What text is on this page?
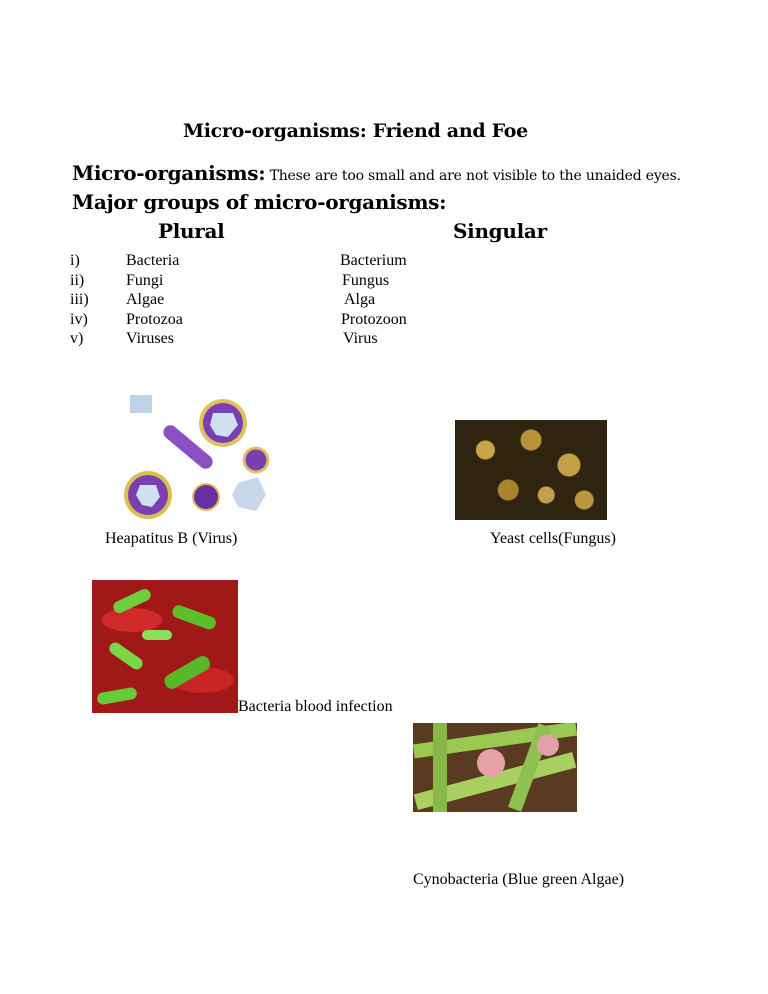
Micro-organisms: Friend and Foe
Micro-organisms: These are too small and are not visible to the unaided eyes.
Major groups of micro-organisms:
Plural	Singular
i)	Bacteria	Bacterium
ii)	Fungi	Fungus
iii) Algae	Alga
iv) Protozoa	Protozoon
v)	Viruses	Virus
Heapatitus B (Virus)	Yeast cells(Fungus)
Bacteria blood infection
Cynobacteria (Blue green Algae)
